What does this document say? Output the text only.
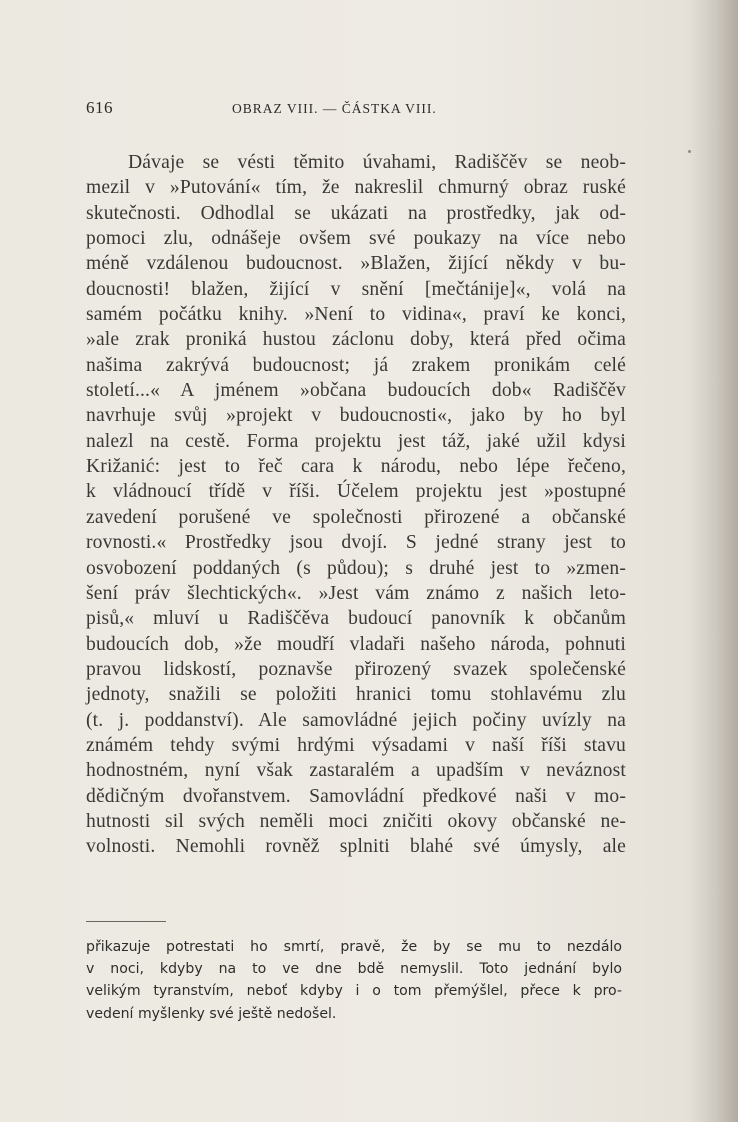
616	OBRAZ VIII. — ČÁSTKA VIII.
Dávaje se vésti těmito úvahami, Radiščěv se neob-
mezil v »Putování« tím, že nakreslil chmurný obraz ruské
skutečnosti. Odhodlal se ukázati na prostředky, jak od-
pomoci zlu, odnášeje ovšem své poukazy na více nebo
méně vzdálenou budoucnost. »Blažen, žijící někdy v bu-
doucnosti! blažen, žijící v snění [mečtánije]«, volá na
samém počátku knihy. »Není to vidina«, praví ke konci,
»ale zrak proniká hustou záclonu doby, která před očima
našima zakrývá budoucnost; já zrakem pronikám celé
století...« A jménem »občana budoucích dob« Radiščěv
navrhuje svůj »projekt v budoucnosti«, jako by ho byl
nalezl na cestě. Forma projektu jest táž, jaké užil kdysi
Križanić: jest to řeč cara k národu, nebo lépe řečeno,
k vládnoucí třídě v říši. Účelem projektu jest »postupné
zavedení porušené ve společnosti přirozené a občanské
rovnosti.« Prostředky jsou dvojí. S jedné strany jest to
osvobození poddaných (s půdou); s druhé jest to »zmen-
šení práv šlechtických«. »Jest vám známo z našich leto-
pisů,« mluví u Radiščěva budoucí panovník k občanům
budoucích dob, »že moudří vladaři našeho národa, pohnuti
pravou lidskostí, poznavše přirozený svazek společenské
jednoty, snažili se položiti hranici tomu stohlavému zlu
(t. j. poddanství). Ale samovládné jejich počiny uvízly na
známém tehdy svými hrdými výsadami v naší říši stavu
hodnostném, nyní však zastaralém a upadším v neváznost
dědičným dvořanstvem. Samovládní předkové naši v mo-
hutnosti sil svých neměli moci zničiti okovy občanské ne-
volnosti. Nemohli rovněž splniti blahé své úmysly, ale
přikazuje potrestati ho smrtí, pravě, že by se mu to nezdálo
v noci, kdyby na to ve dne bdě nemyslil. Toto jednání bylo
velikým tyranstvím, neboť kdyby i o tom přemýšlel, přece k pro-
vedení myšlenky své ještě nedošel.
